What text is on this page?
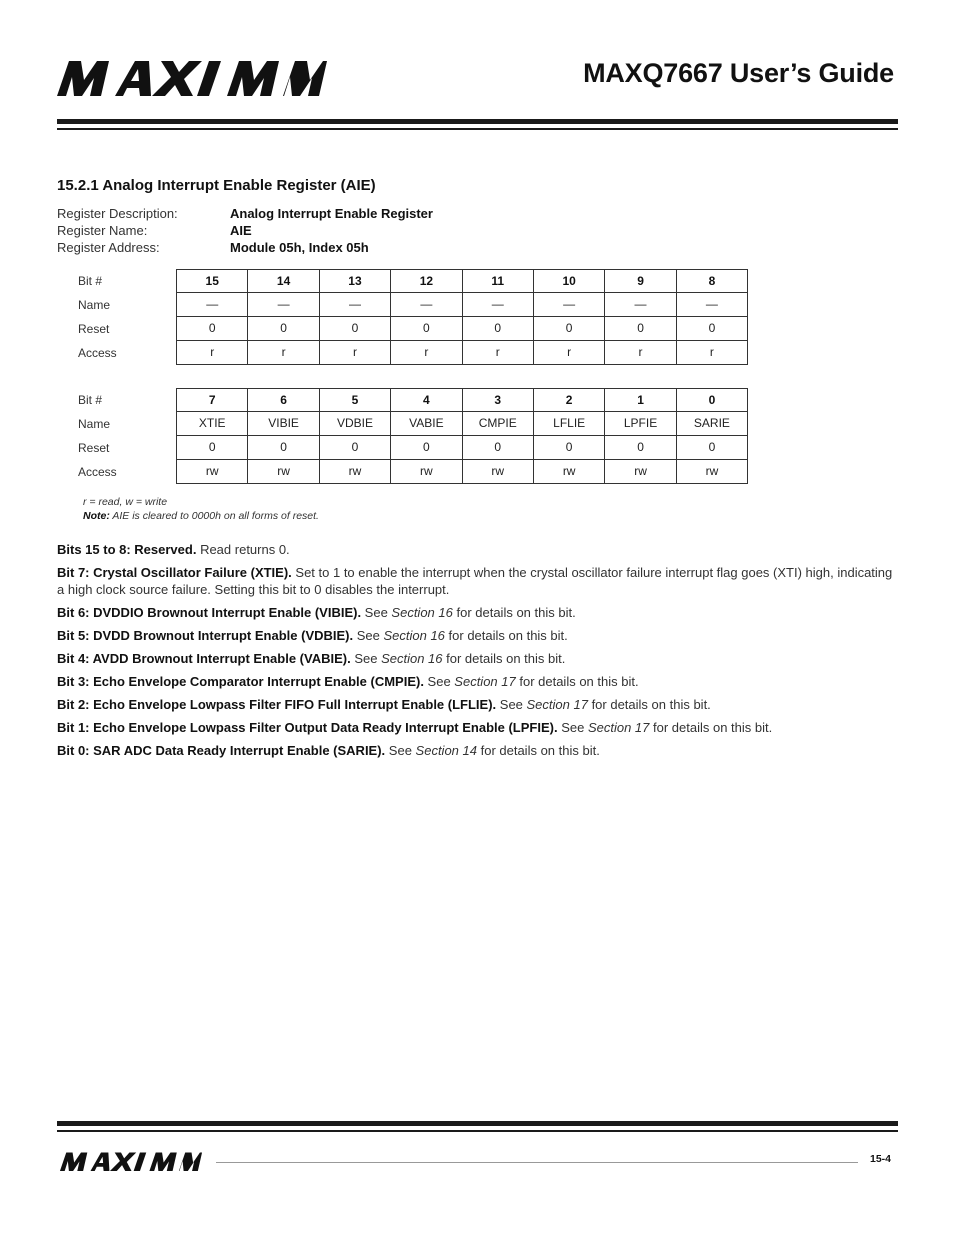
MAXQ7667 User’s Guide
15.2.1 Analog Interrupt Enable Register (AIE)
Register Description:	Analog Interrupt Enable Register
Register Name:	AIE
Register Address:	Module 05h, Index 05h
Bit #	15	14	13	12	11	10	9	8
Name	—	—	—	—	—	—	—	—
Reset	0	0	0	0	0	0	0	0
Access	r	r	r	r	r	r	r	r
Bit #	7	6	5	4	3	2	1	0
Name	XTIE	VIBIE	VDBIE	VABIE	CMPIE	LFLIE	LPFIE	SARIE
Reset	0	0	0	0	0	0	0	0
Access	rw	rw	rw	rw	rw	rw	rw	rw
r = read, w = write
Note: AIE is cleared to 0000h on all forms of reset.

Bits 15 to 8: Reserved. Read returns 0.

Bit 7: Crystal Oscillator Failure (XTIE). Set to 1 to enable the interrupt when the crystal oscillator failure interrupt flag goes (XTI) high, indicating a high clock source failure. Setting this bit to 0 disables the interrupt.

Bit 6: DVDDIO Brownout Interrupt Enable (VIBIE). See Section 16 for details on this bit.

Bit 5: DVDD Brownout Interrupt Enable (VDBIE). See Section 16 for details on this bit.

Bit 4: AVDD Brownout Interrupt Enable (VABIE). See Section 16 for details on this bit.

Bit 3: Echo Envelope Comparator Interrupt Enable (CMPIE). See Section 17 for details on this bit.

Bit 2: Echo Envelope Lowpass Filter FIFO Full Interrupt Enable (LFLIE). See Section 17 for details on this bit.

Bit 1: Echo Envelope Lowpass Filter Output Data Ready Interrupt Enable (LPFIE). See Section 17 for details on this bit.

Bit 0: SAR ADC Data Ready Interrupt Enable (SARIE). See Section 14 for details on this bit.

15-4
